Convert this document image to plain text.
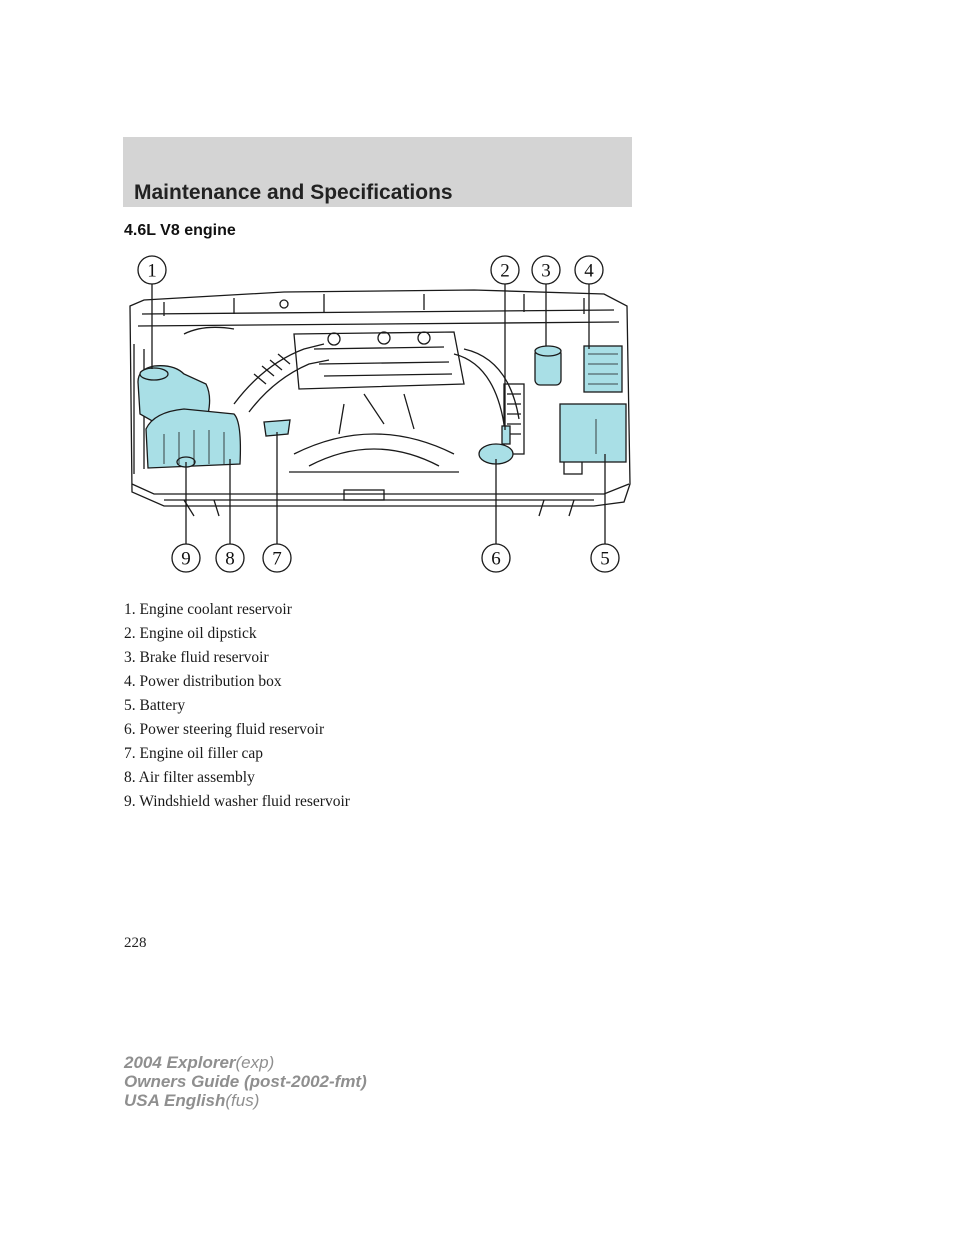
Maintenance and Specifications
4.6L V8 engine
1	2 3 4
9 8 7	6	5
1. Engine coolant reservoir
2. Engine oil dipstick
3. Brake fluid reservoir
4. Power distribution box
5. Battery
6. Power steering fluid reservoir
7. Engine oil filler cap
8. Air filter assembly
9. Windshield washer fluid reservoir
228
2004 Explorer(exp)
Owners Guide (post-2002-fmt)
USA English(fus)
